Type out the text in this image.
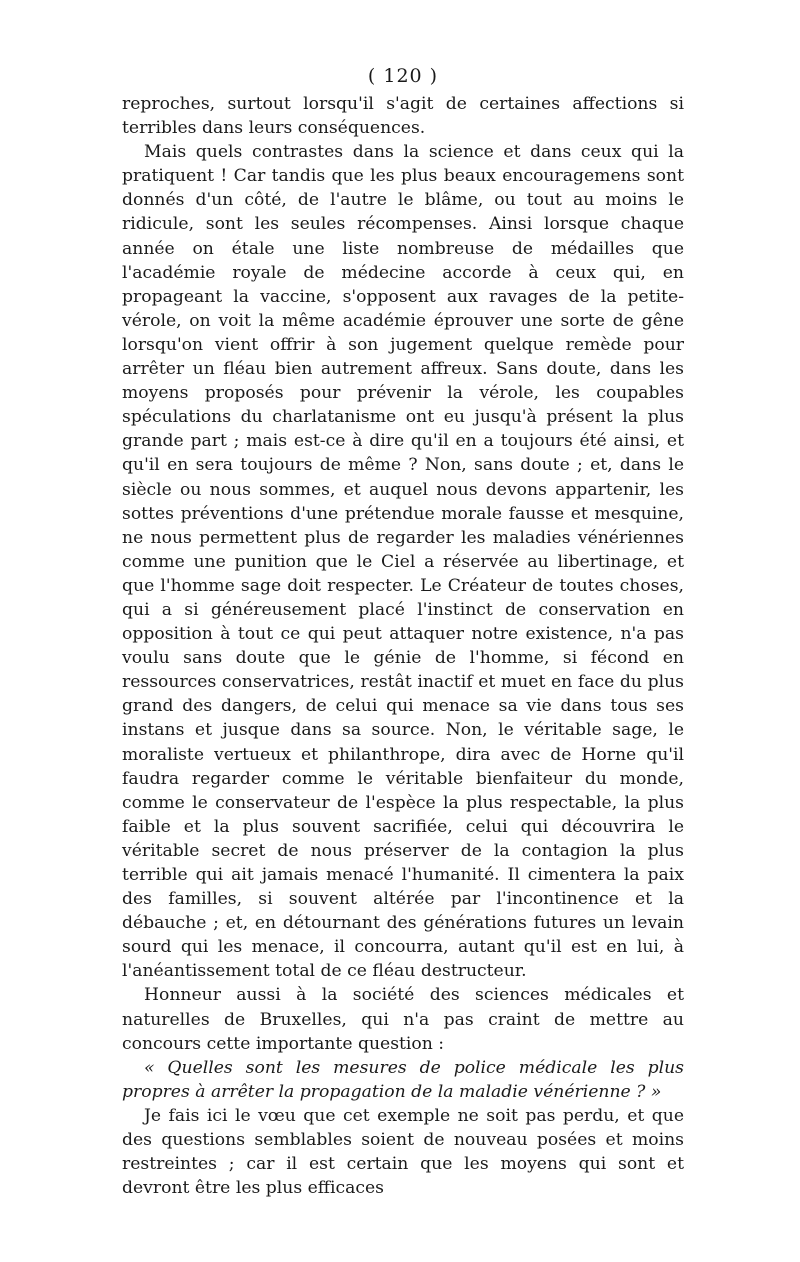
( 120 )

reproches, surtout lorsqu'il s'agit de certaines affections si terribles dans leurs conséquences.

Mais quels contrastes dans la science et dans ceux qui la pratiquent ! Car tandis que les plus beaux encouragemens sont donnés d'un côté, de l'autre le blâme, ou tout au moins le ridicule, sont les seules récompenses. Ainsi lorsque chaque année on étale une liste nombreuse de médailles que l'académie royale de médecine accorde à ceux qui, en propageant la vaccine, s'opposent aux ravages de la petite-vérole, on voit la même académie éprouver une sorte de gêne lorsqu'on vient offrir à son jugement quelque remède pour arrêter un fléau bien autrement affreux. Sans doute, dans les moyens proposés pour prévenir la vérole, les coupables spéculations du charlatanisme ont eu jusqu'à présent la plus grande part ; mais est-ce à dire qu'il en a toujours été ainsi, et qu'il en sera toujours de même ? Non, sans doute ; et, dans le siècle ou nous sommes, et auquel nous devons appartenir, les sottes préventions d'une prétendue morale fausse et mesquine, ne nous permettent plus de regarder les maladies vénériennes comme une punition que le Ciel a réservée au libertinage, et que l'homme sage doit respecter. Le Créateur de toutes choses, qui a si généreusement placé l'instinct de conservation en opposition à tout ce qui peut attaquer notre existence, n'a pas voulu sans doute que le génie de l'homme, si fécond en ressources conservatrices, restât inactif et muet en face du plus grand des dangers, de celui qui menace sa vie dans tous ses instans et jusque dans sa source. Non, le véritable sage, le moraliste vertueux et philanthrope, dira avec de Horne qu'il faudra regarder comme le véritable bienfaiteur du monde, comme le conservateur de l'espèce la plus respectable, la plus faible et la plus souvent sacrifiée, celui qui découvrira le véritable secret de nous préserver de la contagion la plus terrible qui ait jamais menacé l'humanité. Il cimentera la paix des familles, si souvent altérée par l'incontinence et la débauche ; et, en détournant des générations futures un levain sourd qui les menace, il concourra, autant qu'il est en lui, à l'anéantissement total de ce fléau destructeur.

Honneur aussi à la société des sciences médicales et naturelles de Bruxelles, qui n'a pas craint de mettre au concours cette importante question :

« Quelles sont les mesures de police médicale les plus propres à arrêter la propagation de la maladie vénérienne ? »

Je fais ici le vœu que cet exemple ne soit pas perdu, et que des questions semblables soient de nouveau posées et moins restreintes ; car il est certain que les moyens qui sont et devront être les plus efficaces
